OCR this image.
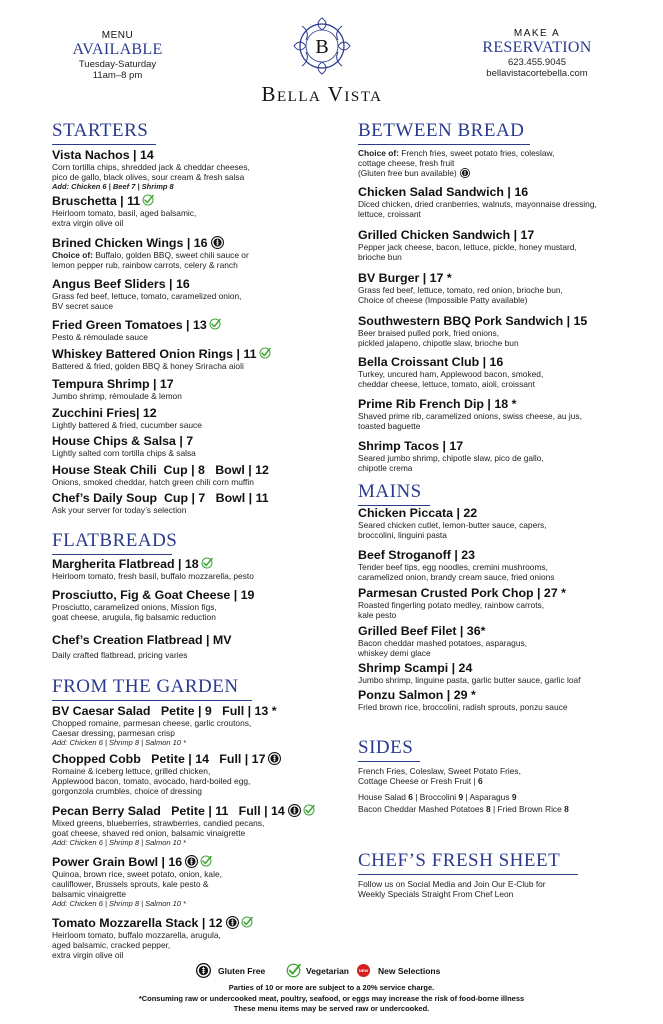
MENU
AVAILABLE
Tuesday-Saturday
11am–8 pm
B
Bella Vista
MAKE A
RESERVATION
623.455.9045
bellavistacortebella.com
STARTERS
Vista Nachos | 14
Corn tortilla chips, shredded jack & cheddar cheeses,
pico de gallo, black olives, sour cream & fresh salsa
Add: Chicken 6 | Beef 7 | Shrimp 8
Bruschetta | 11
Heirloom tomato, basil, aged balsamic,
extra virgin olive oil
Brined Chicken Wings | 16
Choice of: Buffalo, golden BBQ, sweet chili sauce or
lemon pepper rub, rainbow carrots, celery & ranch
Angus Beef Sliders | 16
Grass fed beef, lettuce, tomato, caramelized onion,
BV secret sauce
Fried Green Tomatoes | 13
Pesto & rémoulade sauce
Whiskey Battered Onion Rings | 11
Battered & fried, golden BBQ & honey Sriracha aioli
Tempura Shrimp | 17
Jumbo shrimp, rémoulade & lemon
Zucchini Fries| 12
Lightly battered & fried, cucumber sauce
House Chips & Salsa | 7
Lightly salted corn tortilla chips & salsa
House Steak Chili  Cup | 8   Bowl | 12
Onions, smoked cheddar, hatch green chili corn muffin
Chef’s Daily Soup  Cup | 7   Bowl | 11
Ask your server for today’s selection
FLATBREADS
Margherita Flatbread | 18
Heirloom tomato, fresh basil, buffalo mozzarella, pesto
Prosciutto, Fig & Goat Cheese | 19
Prosciutto, caramelized onions, Mission figs,
goat cheese, arugula, fig balsamic reduction
Chef’s Creation Flatbread | MV
Daily crafted flatbread, pricing varies
FROM THE GARDEN
BV Caesar Salad   Petite | 9   Full | 13 *
Chopped romaine, parmesan cheese, garlic croutons,
Caesar dressing, parmesan crisp
Add: Chicken 6 | Shrimp 8 | Salmon 10 *
Chopped Cobb   Petite | 14   Full | 17
Romaine & iceberg lettuce, grilled chicken,
Applewood bacon, tomato, avocado, hard-boiled egg,
gorgonzola crumbles, choice of dressing
Pecan Berry Salad   Petite | 11   Full | 14
Mixed greens, blueberries, strawberries, candied pecans,
goat cheese, shaved red onion, balsamic vinaigrette
Add: Chicken 6 | Shrimp 8 | Salmon 10 *
Power Grain Bowl | 16
Quinoa, brown rice, sweet potato, onion, kale,
cauliflower, Brussels sprouts, kale pesto &
balsamic vinaigrette
Add: Chicken 6 | Shrimp 8 | Salmon 10 *
Tomato Mozzarella Stack | 12
Heirloom tomato, buffalo mozzarella, arugula,
aged balsamic, cracked pepper,
extra virgin olive oil
BETWEEN BREAD
Choice of: French fries, sweet potato fries, coleslaw,
cottage cheese, fresh fruit
(Gluten free bun available)
Chicken Salad Sandwich | 16
Diced chicken, dried cranberries, walnuts, mayonnaise dressing,
lettuce, croissant
Grilled Chicken Sandwich | 17
Pepper jack cheese, bacon, lettuce, pickle, honey mustard,
brioche bun
BV Burger | 17 *
Grass fed beef, lettuce, tomato, red onion, brioche bun,
Choice of cheese (Impossible Patty available)
Southwestern BBQ Pork Sandwich | 15
Beer braised pulled pork, fried onions,
pickled jalapeno, chipotle slaw, brioche bun
Bella Croissant Club | 16
Turkey, uncured ham, Applewood bacon, smoked,
cheddar cheese, lettuce, tomato, aioli, croissant
Prime Rib French Dip | 18 *
Shaved prime rib, caramelized onions, swiss cheese, au jus,
toasted baguette
Shrimp Tacos | 17
Seared jumbo shrimp, chipotle slaw, pico de gallo,
chipotle crema
MAINS
Chicken Piccata | 22
Seared chicken cutlet, lemon-butter sauce, capers,
broccolini, linguini pasta
Beef Stroganoff | 23
Tender beef tips, egg noodles, cremini mushrooms,
caramelized onion, brandy cream sauce, fried onions
Parmesan Crusted Pork Chop | 27 *
Roasted fingerling potato medley, rainbow carrots,
kale pesto
Grilled Beef Filet | 36*
Bacon cheddar mashed potatoes, asparagus,
whiskey demi glace
Shrimp Scampi | 24
Jumbo shrimp, linguine pasta, garlic butter sauce, garlic loaf
Ponzu Salmon | 29 *
Fried brown rice, broccolini, radish sprouts, ponzu sauce
SIDES
French Fries, Coleslaw, Sweet Potato Fries,
Cottage Cheese or Fresh Fruit | 6
House Salad 6 | Broccolini 9 | Asparagus 9
Bacon Cheddar Mashed Potatoes 8 | Fried Brown Rice 8
CHEF’S FRESH SHEET
Follow us on Social Media and Join Our E-Club for
Weekly Specials Straight From Chef Leon
Gluten Free	Vegetarian	NEW New Selections
Parties of 10 or more are subject to a 20% service charge.
*Consuming raw or undercooked meat, poultry, seafood, or eggs may increase the risk of food-borne illness
These menu items may be served raw or undercooked.
